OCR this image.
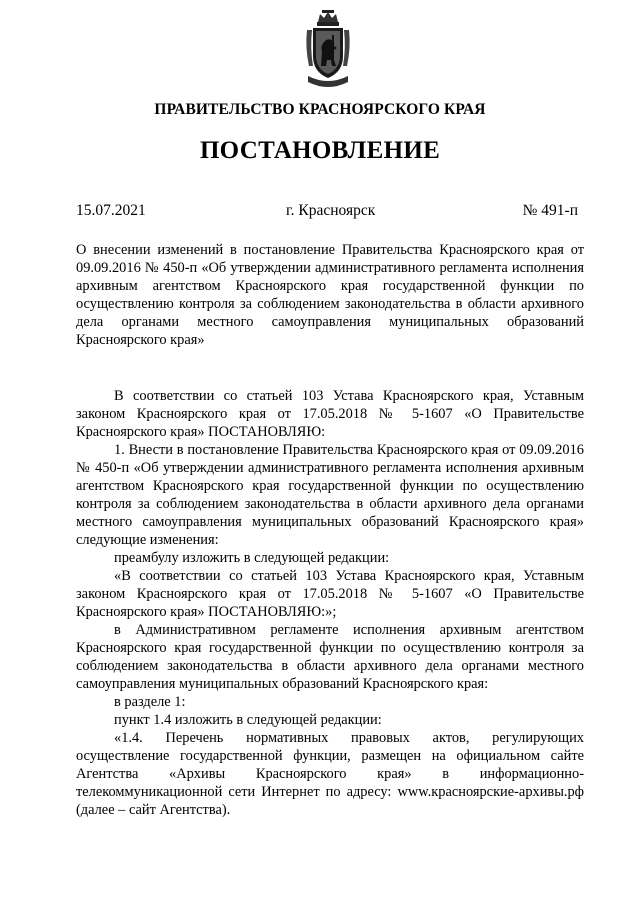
ПРАВИТЕЛЬСТВО КРАСНОЯРСКОГО КРАЯ
ПОСТАНОВЛЕНИЕ
15.07.2021	г. Красноярск	№ 491-п
О внесении изменений в постановление Правительства Красноярского края от 09.09.2016 № 450-п «Об утверждении административного регламента исполнения архивным агентством Красноярского края государственной функции по осуществлению контроля за соблюдением законодательства в области архивного дела органами местного самоуправления муниципальных образований Красноярского края»

В соответствии со статьей 103 Устава Красноярского края, Уставным законом Красноярского края от 17.05.2018 № 5-1607 «О Правительстве Красноярского края» ПОСТАНОВЛЯЮ:

1. Внести в постановление Правительства Красноярского края от 09.09.2016 № 450-п «Об утверждении административного регламента исполнения архивным агентством Красноярского края государственной функции по осуществлению контроля за соблюдением законодательства в области архивного дела органами местного самоуправления муниципальных образований Красноярского края» следующие изменения:

преамбулу изложить в следующей редакции:

«В соответствии со статьей 103 Устава Красноярского края, Уставным законом Красноярского края от 17.05.2018 № 5-1607 «О Правительстве Красноярского края» ПОСТАНОВЛЯЮ:»;

в Административном регламенте исполнения архивным агентством Красноярского края государственной функции по осуществлению контроля за соблюдением законодательства в области архивного дела органами местного самоуправления муниципальных образований Красноярского края:

в разделе 1:

пункт 1.4 изложить в следующей редакции:

«1.4. Перечень нормативных правовых актов, регулирующих осуществление государственной функции, размещен на официальном сайте Агентства «Архивы Красноярского края» в информационно-телекоммуникационной сети Интернет по адресу: www.красноярские-архивы.рф (далее – сайт Агентства).
